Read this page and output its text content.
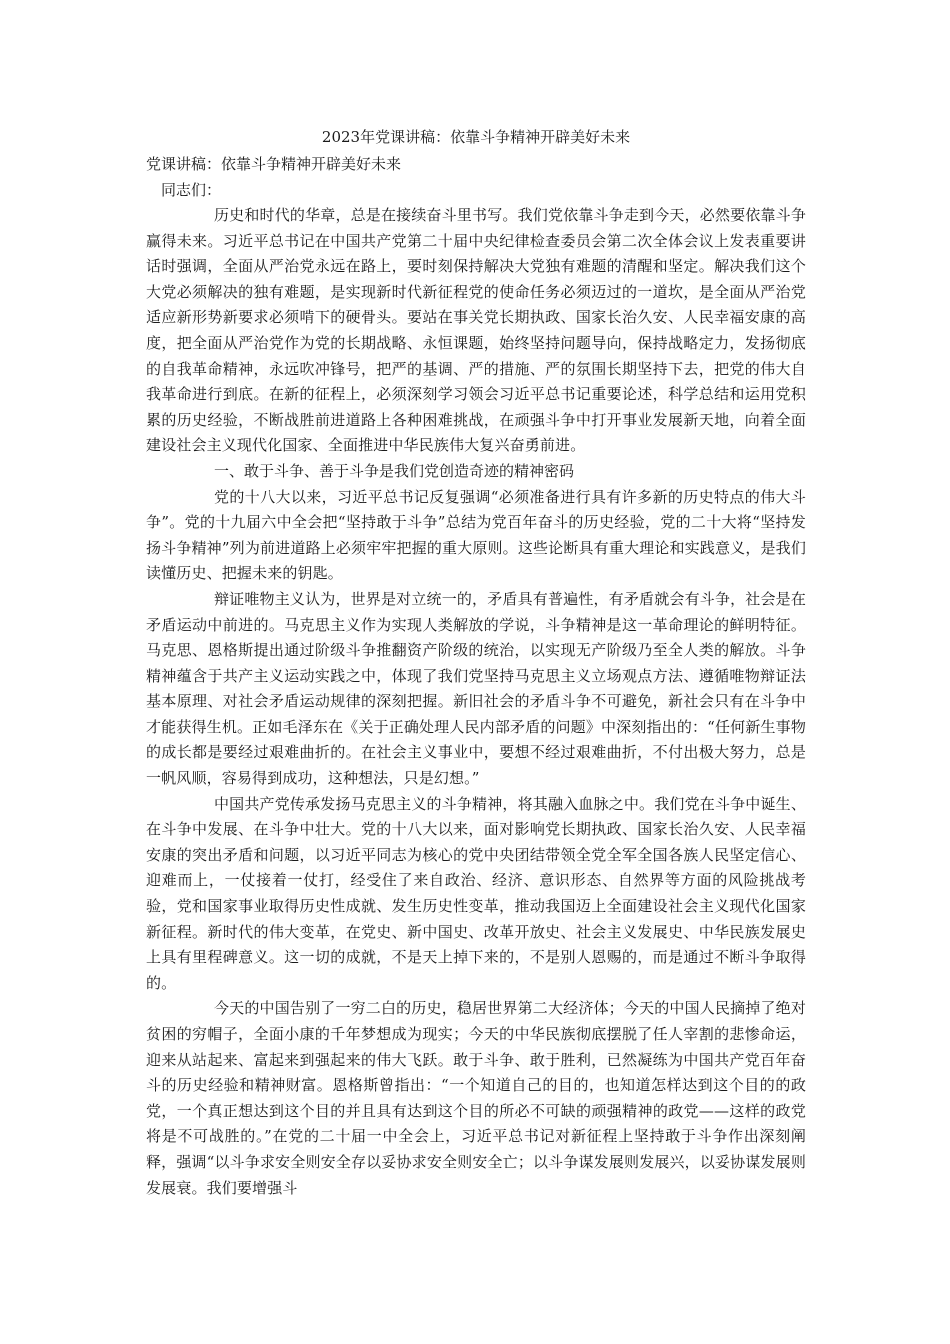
2023年党课讲稿：依靠斗争精神开辟美好未来

党课讲稿：依靠斗争精神开辟美好未来

同志们：

历史和时代的华章，总是在接续奋斗里书写。我们党依靠斗争走到今天，必然要依靠斗争赢得未来。习近平总书记在中国共产党第二十届中央纪律检查委员会第二次全体会议上发表重要讲话时强调，全面从严治党永远在路上，要时刻保持解决大党独有难题的清醒和坚定。解决我们这个大党必须解决的独有难题，是实现新时代新征程党的使命任务必须迈过的一道坎，是全面从严治党适应新形势新要求必须啃下的硬骨头。要站在事关党长期执政、国家长治久安、人民幸福安康的高度，把全面从严治党作为党的长期战略、永恒课题，始终坚持问题导向，保持战略定力，发扬彻底的自我革命精神，永远吹冲锋号，把严的基调、严的措施、严的氛围长期坚持下去，把党的伟大自我革命进行到底。在新的征程上，必须深刻学习领会习近平总书记重要论述，科学总结和运用党积累的历史经验，不断战胜前进道路上各种困难挑战，在顽强斗争中打开事业发展新天地，向着全面建设社会主义现代化国家、全面推进中华民族伟大复兴奋勇前进。

一、敢于斗争、善于斗争是我们党创造奇迹的精神密码

党的十八大以来，习近平总书记反复强调“必须准备进行具有许多新的历史特点的伟大斗争”。党的十九届六中全会把“坚持敢于斗争”总结为党百年奋斗的历史经验，党的二十大将“坚持发扬斗争精神”列为前进道路上必须牢牢把握的重大原则。这些论断具有重大理论和实践意义，是我们读懂历史、把握未来的钥匙。

辩证唯物主义认为，世界是对立统一的，矛盾具有普遍性，有矛盾就会有斗争，社会是在矛盾运动中前进的。马克思主义作为实现人类解放的学说，斗争精神是这一革命理论的鲜明特征。马克思、恩格斯提出通过阶级斗争推翻资产阶级的统治，以实现无产阶级乃至全人类的解放。斗争精神蕴含于共产主义运动实践之中，体现了我们党坚持马克思主义立场观点方法、遵循唯物辩证法基本原理、对社会矛盾运动规律的深刻把握。新旧社会的矛盾斗争不可避免，新社会只有在斗争中才能获得生机。正如毛泽东在《关于正确处理人民内部矛盾的问题》中深刻指出的：“任何新生事物的成长都是要经过艰难曲折的。在社会主义事业中，要想不经过艰难曲折，不付出极大努力，总是一帆风顺，容易得到成功，这种想法，只是幻想。”

中国共产党传承发扬马克思主义的斗争精神，将其融入血脉之中。我们党在斗争中诞生、在斗争中发展、在斗争中壮大。党的十八大以来，面对影响党长期执政、国家长治久安、人民幸福安康的突出矛盾和问题，以习近平同志为核心的党中央团结带领全党全军全国各族人民坚定信心、迎难而上，一仗接着一仗打，经受住了来自政治、经济、意识形态、自然界等方面的风险挑战考验，党和国家事业取得历史性成就、发生历史性变革，推动我国迈上全面建设社会主义现代化国家新征程。新时代的伟大变革，在党史、新中国史、改革开放史、社会主义发展史、中华民族发展史上具有里程碑意义。这一切的成就，不是天上掉下来的，不是别人恩赐的，而是通过不断斗争取得的。

今天的中国告别了一穷二白的历史，稳居世界第二大经济体；今天的中国人民摘掉了绝对贫困的穷帽子，全面小康的千年梦想成为现实；今天的中华民族彻底摆脱了任人宰割的悲惨命运，迎来从站起来、富起来到强起来的伟大飞跃。敢于斗争、敢于胜利，已然凝练为中国共产党百年奋斗的历史经验和精神财富。恩格斯曾指出：“一个知道自己的目的，也知道怎样达到这个目的的政党，一个真正想达到这个目的并且具有达到这个目的所必不可缺的顽强精神的政党——这样的政党将是不可战胜的。”在党的二十届一中全会上，习近平总书记对新征程上坚持敢于斗争作出深刻阐释，强调“以斗争求安全则安全存以妥协求安全则安全亡；以斗争谋发展则发展兴，以妥协谋发展则发展衰。我们要增强斗
